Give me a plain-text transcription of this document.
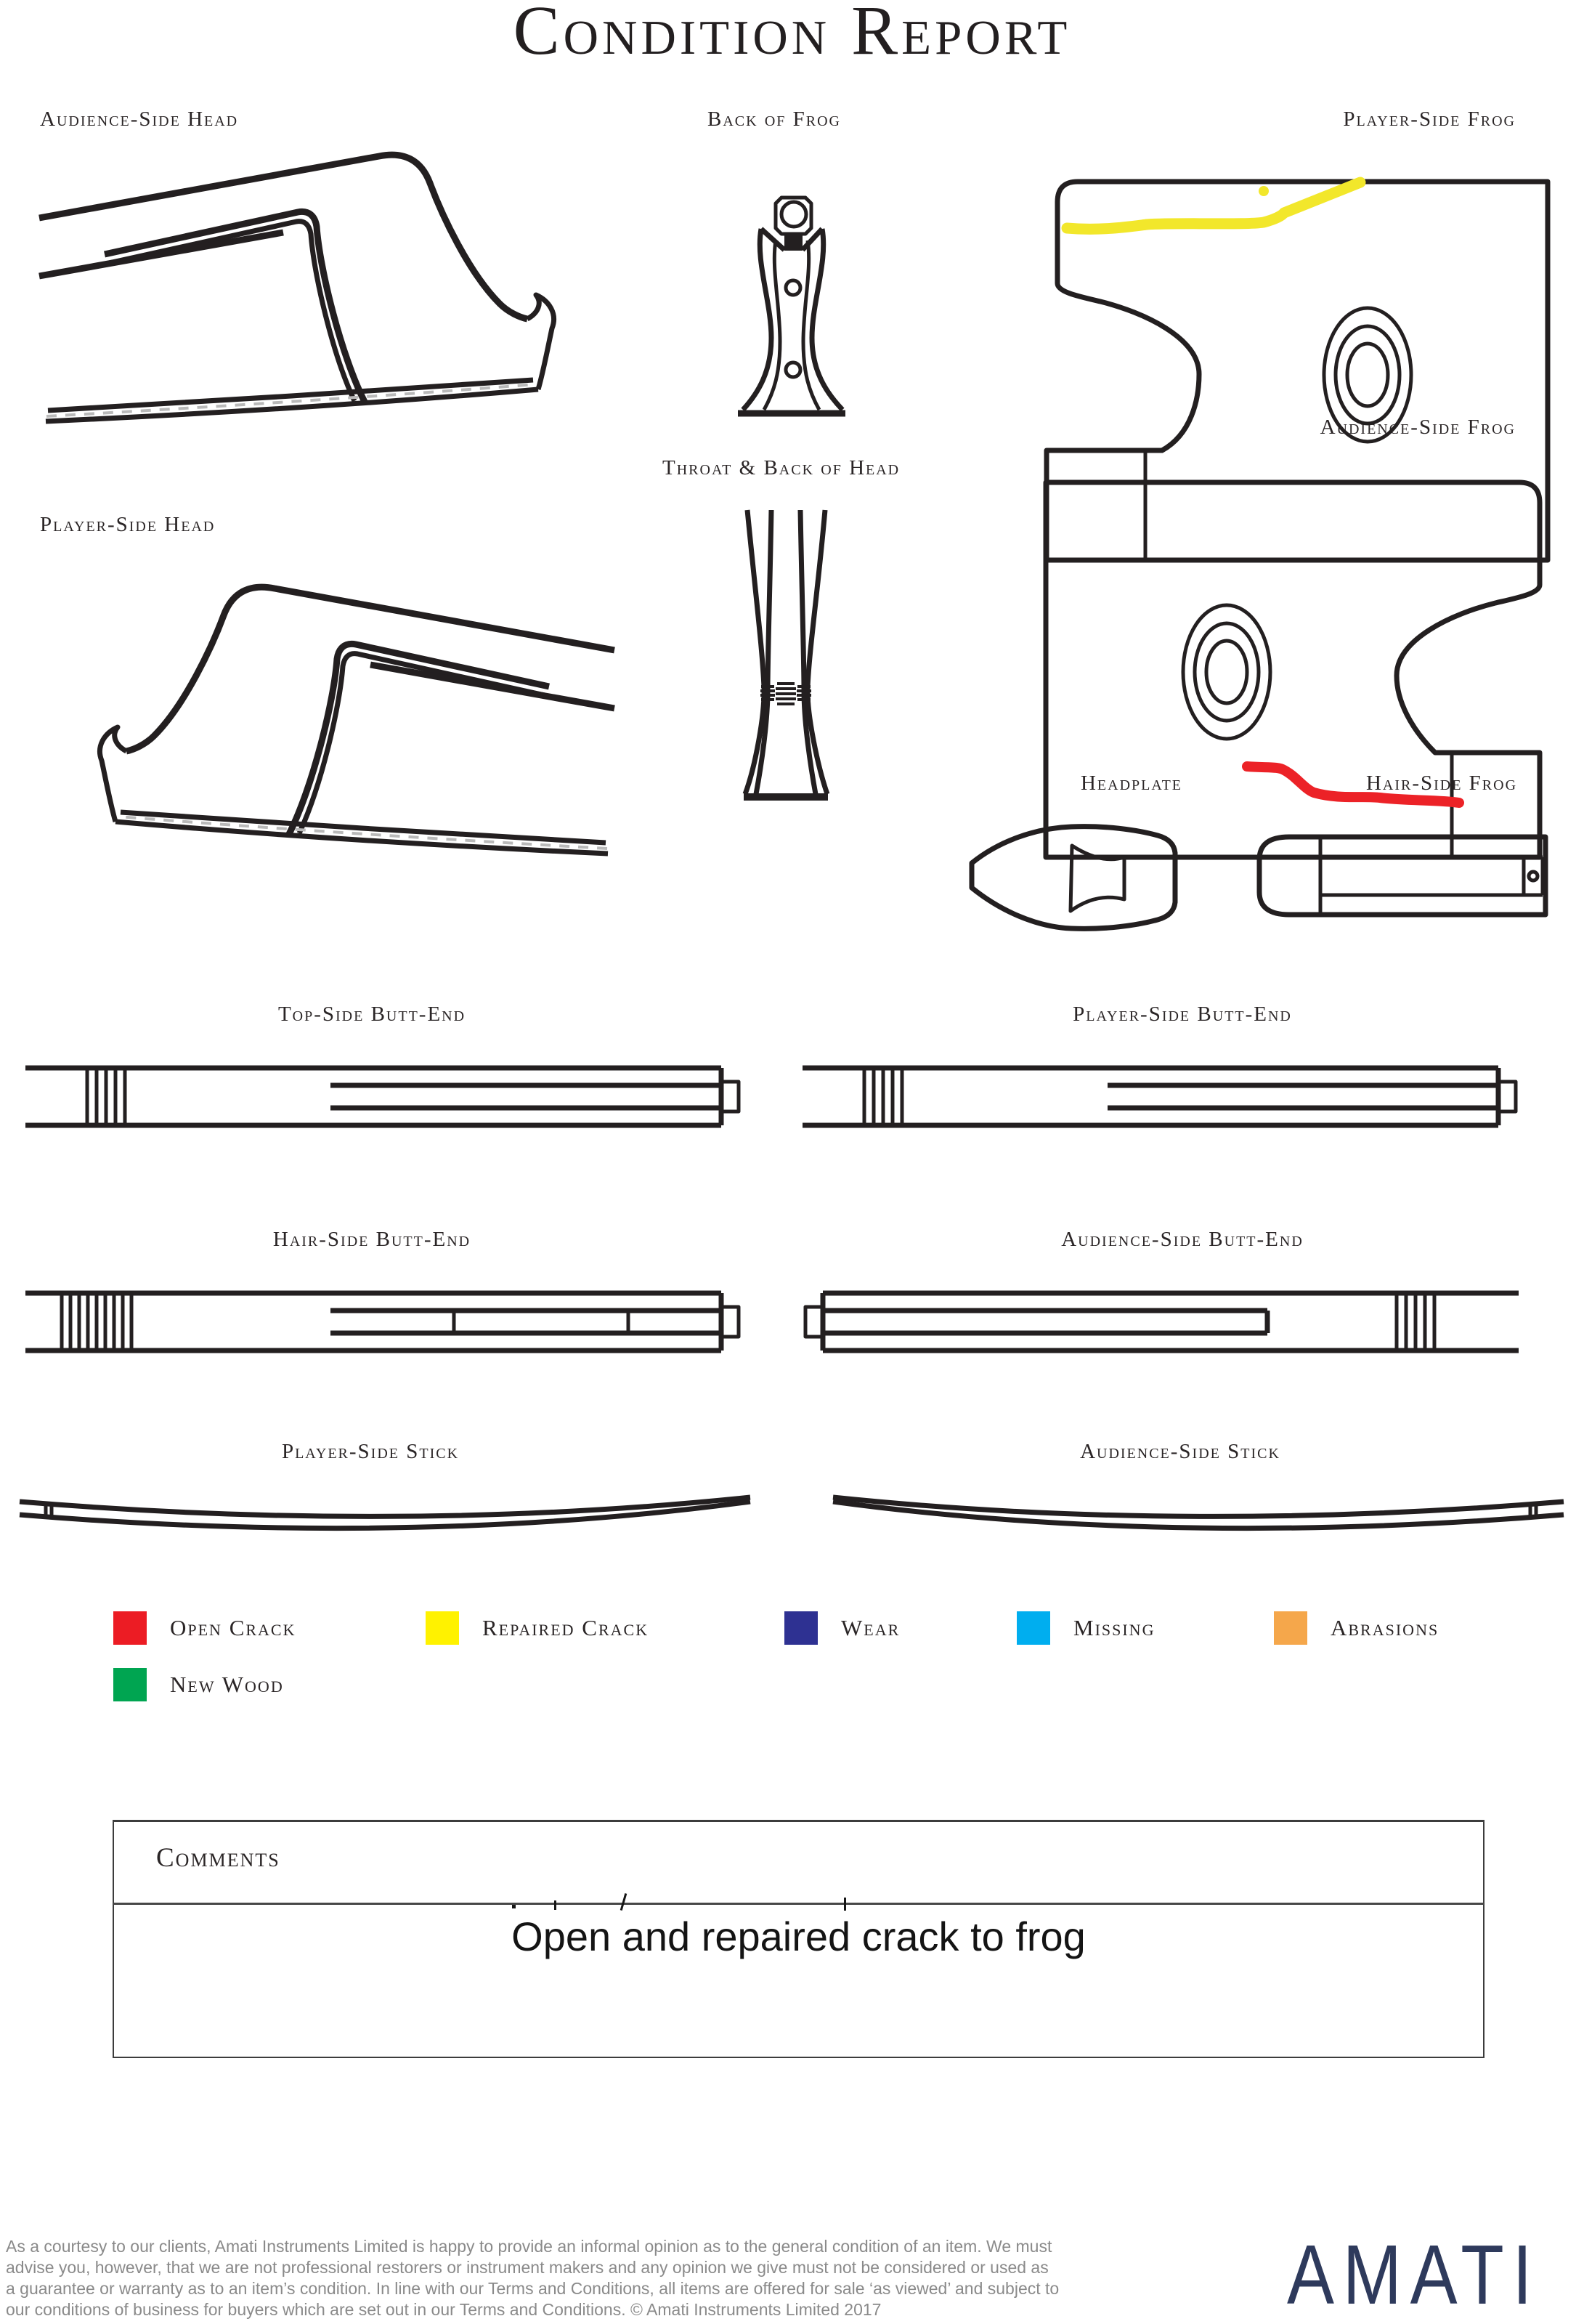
Condition Report
Audience-Side Head	Back of Frog	Player-Side Frog
Audience-Side Frog
Player-Side Head
Throat & Back of Head
Headplate	Hair-Side Frog
Top-Side Butt-End	Player-Side Butt-End
Hair-Side Butt-End	Audience-Side Butt-End
Player-Side Stick	Audience-Side Stick
Open Crack	Repaired Crack	Wear	Missing	Abrasions
New Wood
Comments
Open and repaired crack to frog
As a courtesy to our clients, Amati Instruments Limited is happy to provide an informal opinion as to the general condition of an item. We must
advise you, however, that we are not professional restorers or instrument makers and any opinion we give must not be considered or used as
a guarantee or warranty as to an item’s condition. In line with our Terms and Conditions, all items are offered for sale ‘as viewed’ and subject to
our conditions of business for buyers which are set out in our Terms and Conditions. © Amati Instruments Limited 2017	AMATI
